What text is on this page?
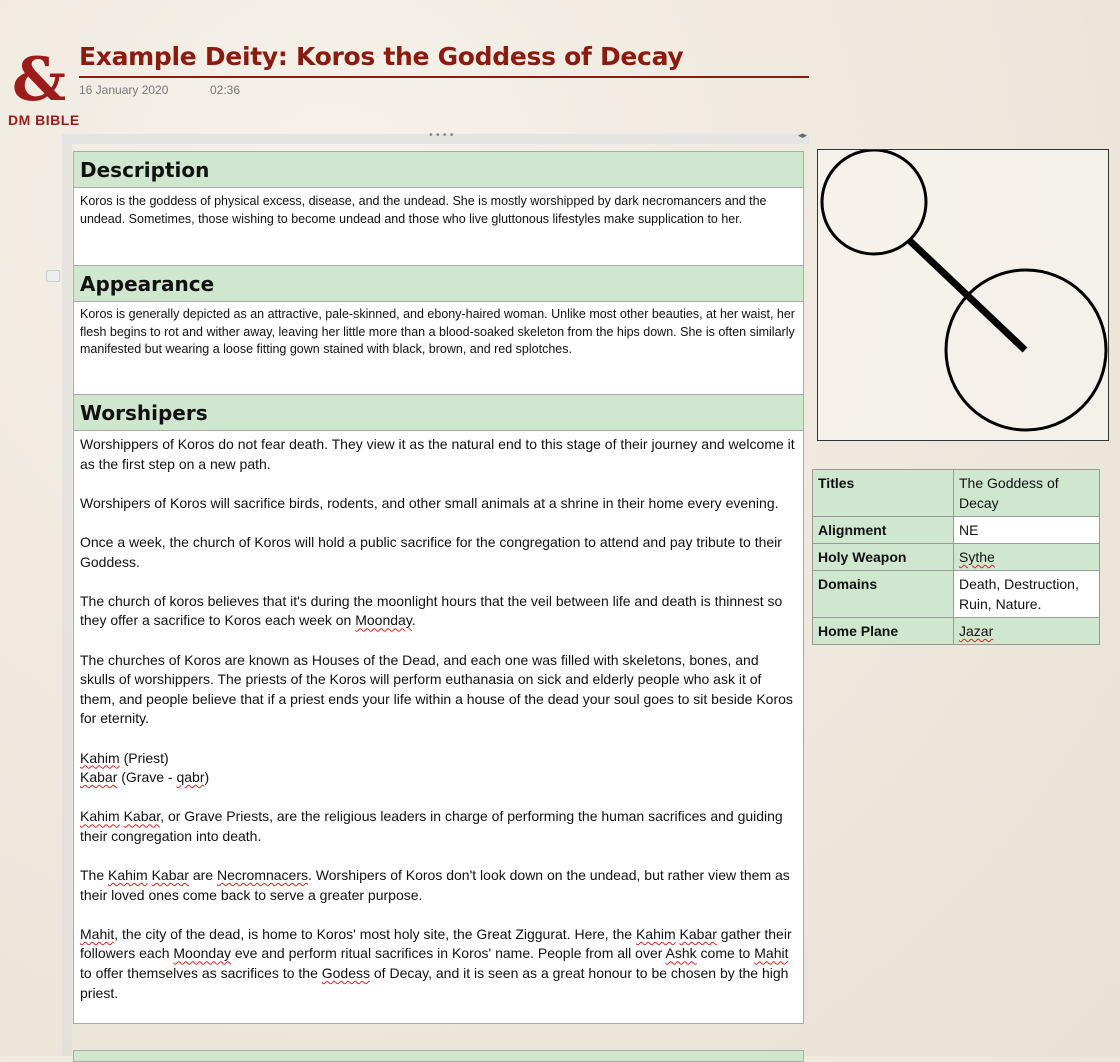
&
DM BIBLE
Example Deity: Koros the Goddess of Decay
16 January 2020	02:36
••••	◂▸
Description
Koros is the goddess of physical excess, disease, and the undead. She is mostly worshipped by dark necromancers and the undead. Sometimes, those wishing to become undead and those who live gluttonous lifestyles make supplication to her.
Appearance
Koros is generally depicted as an attractive, pale-skinned, and ebony-haired woman. Unlike most other beauties, at her waist, her flesh begins to rot and wither away, leaving her little more than a blood-soaked skeleton from the hips down. She is often similarly manifested but wearing a loose fitting gown stained with black, brown, and red splotches.
Worshipers

Worshippers of Koros do not fear death. They view it as the natural end to this stage of their journey and welcome it as the first step on a new path.

Worshipers of Koros will sacrifice birds, rodents, and other small animals at a shrine in their home every evening.

Once a week, the church of Koros will hold a public sacrifice for the congregation to attend and pay tribute to their Goddess.

The church of koros believes that it's during the moonlight hours that the veil between life and death is thinnest so they offer a sacrifice to Koros each week on Moonday.

The churches of Koros are known as Houses of the Dead, and each one was filled with skeletons, bones, and skulls of worshippers. The priests of the Koros will perform euthanasia on sick and elderly people who ask it of them, and people believe that if a priest ends your life within a house of the dead your soul goes to sit beside Koros for eternity.

Kahim (Priest)
Kabar (Grave - qabr)

Kahim Kabar, or Grave Priests, are the religious leaders in charge of performing the human sacrifices and guiding their congregation into death.

The Kahim Kabar are Necromnacers. Worshipers of Koros don't look down on the undead, but rather view them as their loved ones come back to serve a greater purpose.

Mahit, the city of the dead, is home to Koros' most holy site, the Great Ziggurat. Here, the Kahim Kabar gather their followers each Moonday eve and perform ritual sacrifices in Koros' name. People from all over Ashk come to Mahit to offer themselves as sacrifices to the Godess of Decay, and it is seen as a great honour to be chosen by the high priest.

Titles	The Goddess of Decay
Alignment	NE
Holy Weapon	Sythe
Domains	Death, Destruction, Ruin, Nature.
Home Plane	Jazar
